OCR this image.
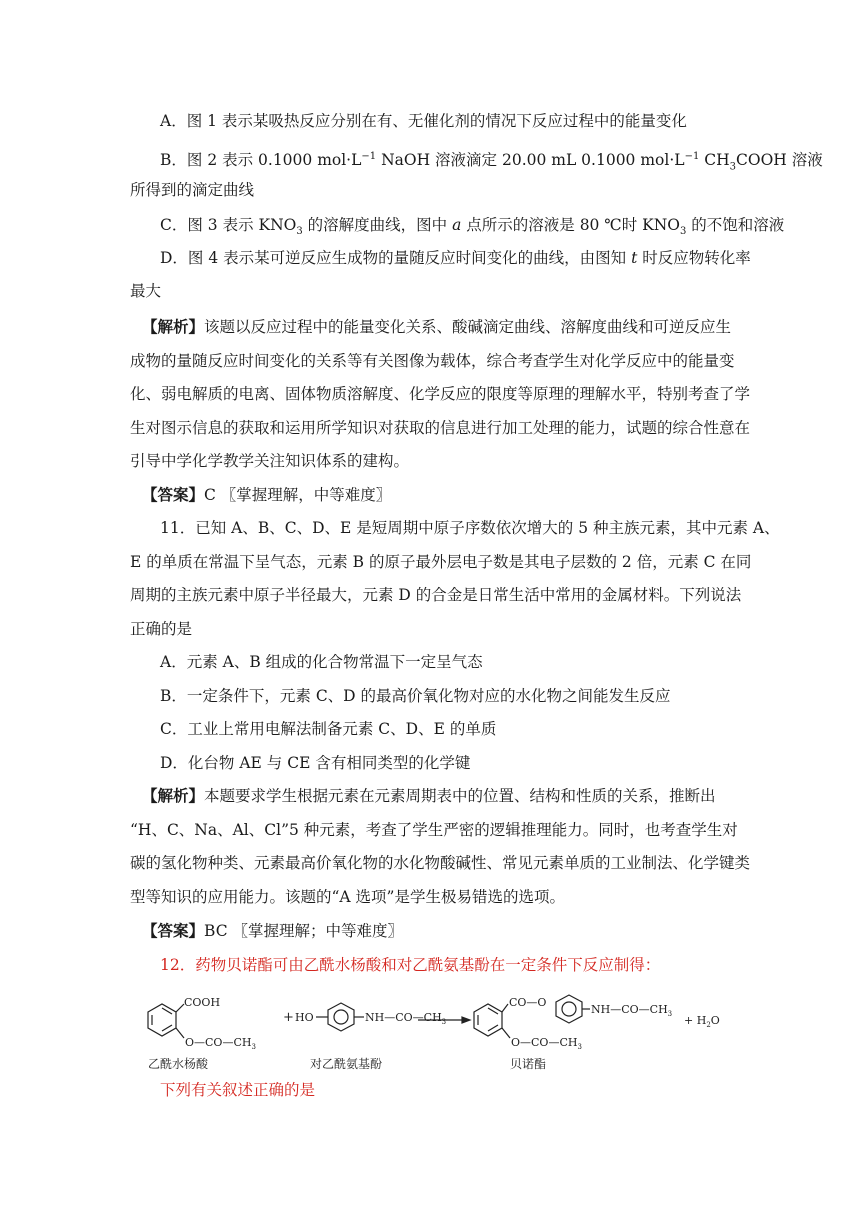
A．图 1 表示某吸热反应分别在有、无催化剂的情况下反应过程中的能量变化
B．图 2 表示 0.1000 $mol\cdot L^{-1}$ NaOH 溶液滴定 20.00 mL 0.1000 $mol\cdot L^{-1}$ $CH_3COOH$ 溶液
所得到的滴定曲线
C．图 3 表示 $KNO_3$ 的溶解度曲线，图中 a 点所示的溶液是 80 ℃时 $KNO_3$ 的不饱和溶液
D．图 4 表示某可逆反应生成物的量随反应时间变化的曲线，由图知 t 时反应物转化率
最大
【解析】该题以反应过程中的能量变化关系、酸碱滴定曲线、溶解度曲线和可逆反应生
成物的量随反应时间变化的关系等有关图像为载体，综合考查学生对化学反应中的能量变
化、弱电解质的电离、固体物质溶解度、化学反应的限度等原理的理解水平，特别考查了学
生对图示信息的获取和运用所学知识对获取的信息进行加工处理的能力，试题的综合性意在
引导中学化学教学关注知识体系的建构。
【答案】C 〖掌握理解，中等难度〗
11．已知 A、B、C、D、E 是短周期中原子序数依次增大的 5 种主族元素，其中元素 A、
E 的单质在常温下呈气态，元素 B 的原子最外层电子数是其电子层数的 2 倍，元素 C 在同
周期的主族元素中原子半径最大，元素 D 的合金是日常生活中常用的金属材料。下列说法
正确的是
A．元素 A、B 组成的化合物常温下一定呈气态
B．一定条件下，元素 C、D 的最高价氧化物对应的水化物之间能发生反应
C．工业上常用电解法制备元素 C、D、E 的单质
D．化台物 AE 与 CE 含有相同类型的化学键
【解析】本题要求学生根据元素在元素周期表中的位置、结构和性质的关系，推断出
“H、C、Na、Al、Cl”5 种元素，考查了学生严密的逻辑推理能力。同时，也考查学生对
碳的氢化物种类、元素最高价氧化物的水化物酸碱性、常见元素单质的工业制法、化学键类
型等知识的应用能力。该题的“A 选项”是学生极易错选的选项。
【答案】BC 〖掌握理解；中等难度〗
12．药物贝诺酯可由乙酰水杨酸和对乙酰氨基酚在一定条件下反应制得：
COOH
$O—CO—CH_3$
+ HO	$NH—CO—CH_3$
CO—O
$NH—CO—CH_3$
$O—CO—CH_3$
+ $H_2O$
乙酰水杨酸	对乙酰氨基酚	贝诺酯
下列有关叙述正确的是
